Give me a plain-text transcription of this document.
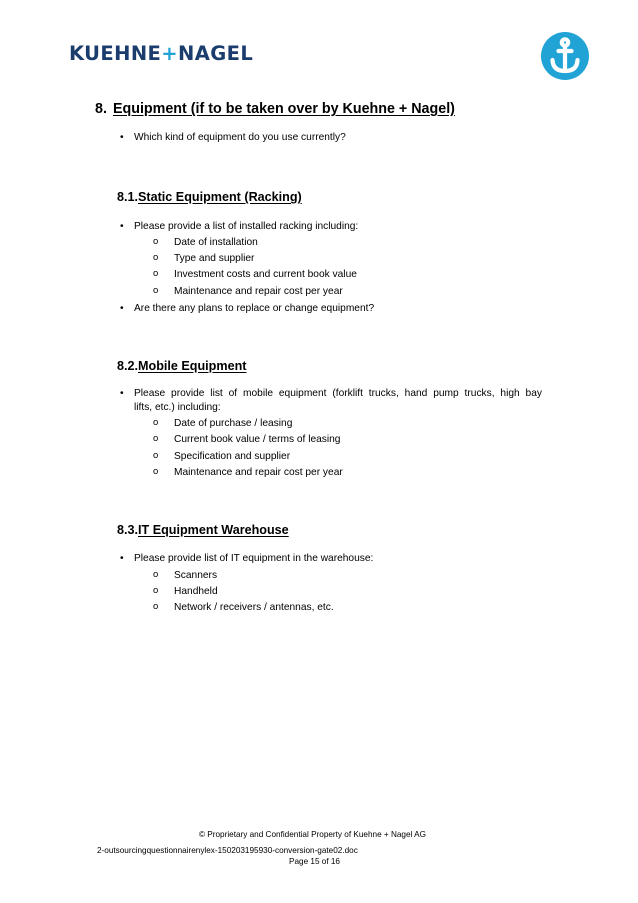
KUEHNE+NAGEL
8. Equipment (if to be taken over by Kuehne + Nagel)
• Which kind of equipment do you use currently?
8.1.Static Equipment (Racking)
• Please provide a list of installed racking including:
o Date of installation
o Type and supplier
o Investment costs and current book value
o Maintenance and repair cost per year
• Are there any plans to replace or change equipment?
8.2.Mobile Equipment
• Please provide list of mobile equipment (forklift trucks, hand pump trucks, high bay
lifts, etc.) including:
o Date of purchase / leasing
o Current book value / terms of leasing
o Specification and supplier
o Maintenance and repair cost per year
8.3.IT Equipment Warehouse
• Please provide list of IT equipment in the warehouse:
o Scanners
o Handheld
o Network / receivers / antennas, etc.
© Proprietary and Confidential Property of Kuehne + Nagel AG
2-outsourcingquestionnairenylex-150203195930-conversion-gate02.doc
Page 15 of 16
